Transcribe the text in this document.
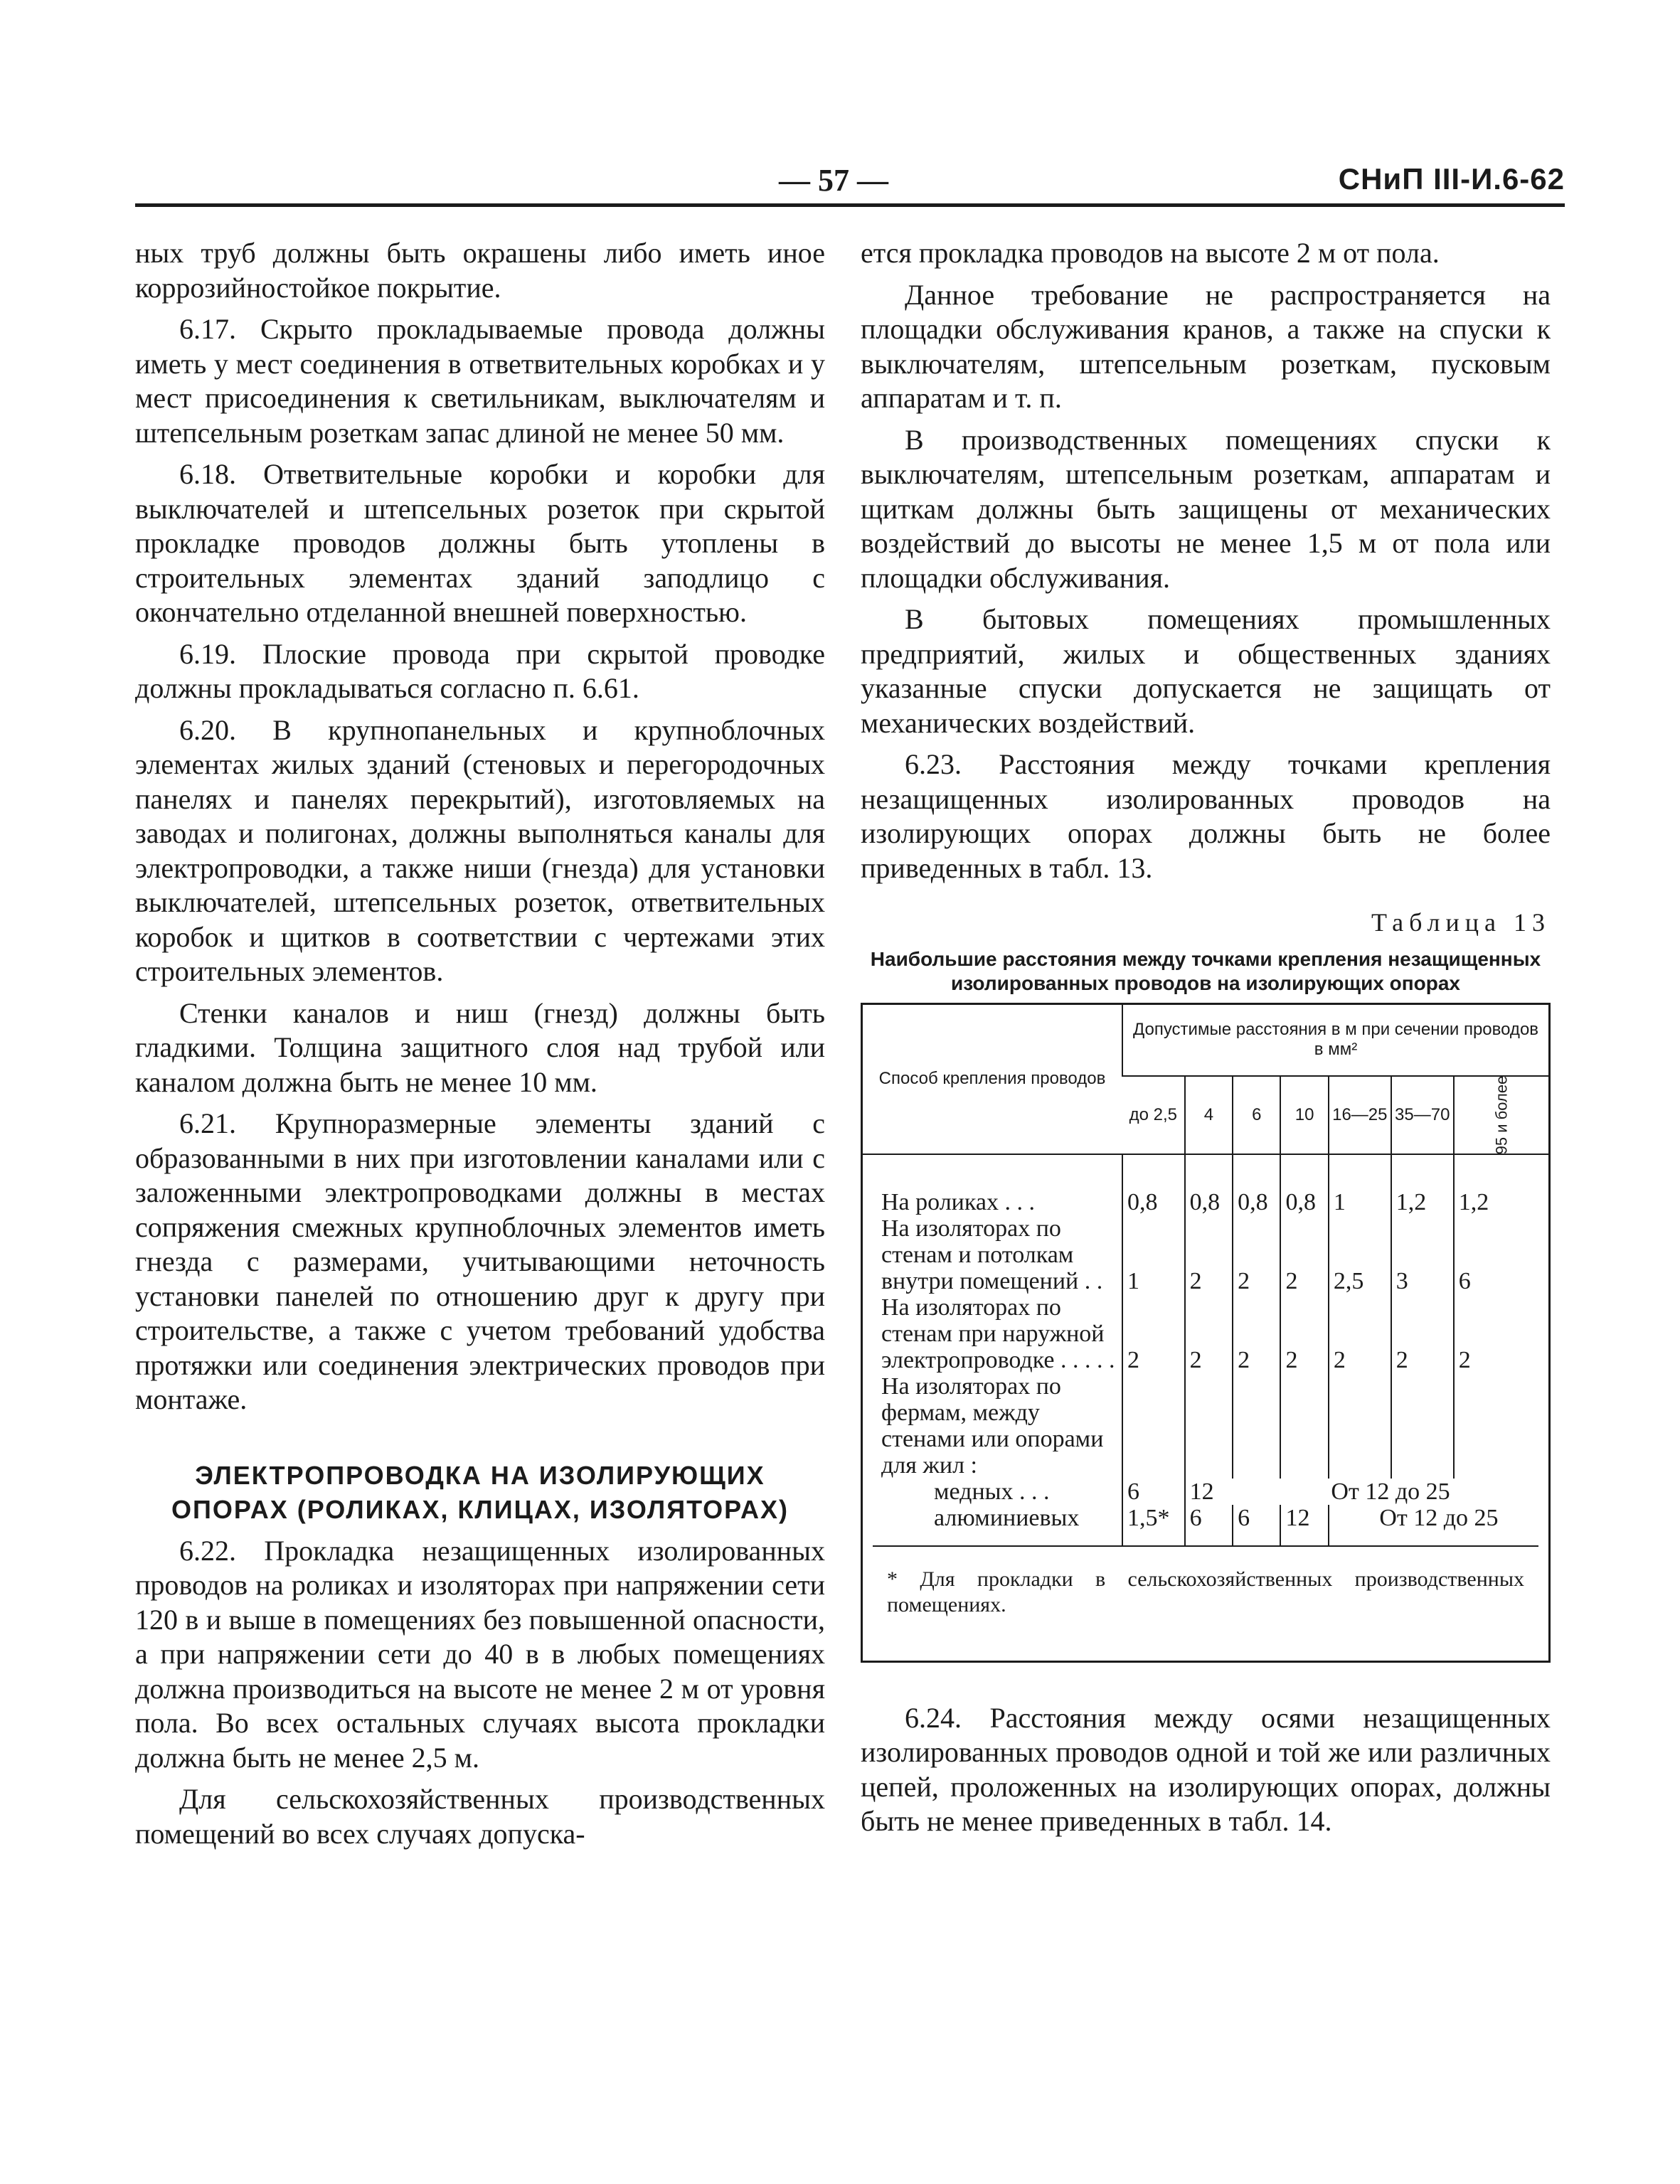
— 57 —	СНиП III-И.6-62

ных труб должны быть окрашены либо иметь иное коррозийностойкое покрытие.

6.17. Скрыто прокладываемые провода должны иметь у мест соединения в ответвительных коробках и у мест присоединения к светильникам, выключателям и штепсельным розеткам запас длиной не менее 50 мм.

6.18. Ответвительные коробки и коробки для выключателей и штепсельных розеток при скрытой прокладке проводов должны быть утоплены в строительных элементах зданий заподлицо с окончательно отделанной внешней поверхностью.

6.19. Плоские провода при скрытой проводке должны прокладываться согласно п. 6.61.

6.20. В крупнопанельных и крупноблочных элементах жилых зданий (стеновых и перегородочных панелях и панелях перекрытий), изготовляемых на заводах и полигонах, должны выполняться каналы для электропроводки, а также ниши (гнезда) для установки выключателей, штепсельных розеток, ответвительных коробок и щитков в соответствии с чертежами этих строительных элементов.

Стенки каналов и ниш (гнезд) должны быть гладкими. Толщина защитного слоя над трубой или каналом должна быть не менее 10 мм.

6.21. Крупноразмерные элементы зданий с образованными в них при изготовлении каналами или с заложенными электропроводками должны в местах сопряжения смежных крупноблочных элементов иметь гнезда с размерами, учитывающими неточность установки панелей по отношению друг к другу при строительстве, а также с учетом требований удобства протяжки или соединения электрических проводов при монтаже.

ЭЛЕКТРОПРОВОДКА НА ИЗОЛИРУЮЩИХ ОПОРАХ (РОЛИКАХ, КЛИЦАХ, ИЗОЛЯТОРАХ)

6.22. Прокладка незащищенных изолированных проводов на роликах и изоляторах при напряжении сети 120 в и выше в помещениях без повышенной опасности, а при напряжении сети до 40 в в любых помещениях должна производиться на высоте не менее 2 м от уровня пола. Во всех остальных случаях высота прокладки должна быть не менее 2,5 м.

Для сельскохозяйственных производственных помещений во всех случаях допуска-

ется прокладка проводов на высоте 2 м от пола.

Данное требование не распространяется на площадки обслуживания кранов, а также на спуски к выключателям, штепсельным розеткам, пусковым аппаратам и т. п.

В производственных помещениях спуски к выключателям, штепсельным розеткам, аппаратам и щиткам должны быть защищены от механических воздействий до высоты не менее 1,5 м от пола или площадки обслуживания.

В бытовых помещениях промышленных предприятий, жилых и общественных зданиях указанные спуски допускается не защищать от механических воздействий.

6.23. Расстояния между точками крепления незащищенных изолированных проводов на изолирующих опорах должны быть не более приведенных в табл. 13.

Таблица 13

Наибольшие расстояния между точками крепления незащищенных изолированных проводов на изолирующих опорах

Способ крепления проводов	Допустимые расстояния в м при сечении проводов в мм²						
	до 2,5	4	6	10	16—25	35—70	95 и более
На роликах . . .	0,8	0,8	0,8	0,8	1	1,2	1,2
На изоляторах по стенам и потолкам внутри помещений . .	1	2	2	2	2,5	3	6
На изоляторах по стенам при наружной электропроводке . . . . .	2	2	2	2	2	2	2
На изоляторах по фермам, между стенами или опорами для жил :							
медных . . .	6	12	От 12 до 25				
алюминиевых	1,5*	6	6	12	От 12 до 25		
* Для прокладки в сельскохозяйственных производственных помещениях.

6.24. Расстояния между осями незащищенных изолированных проводов одной и той же или различных цепей, проложенных на изолирующих опорах, должны быть не менее приведенных в табл. 14.
